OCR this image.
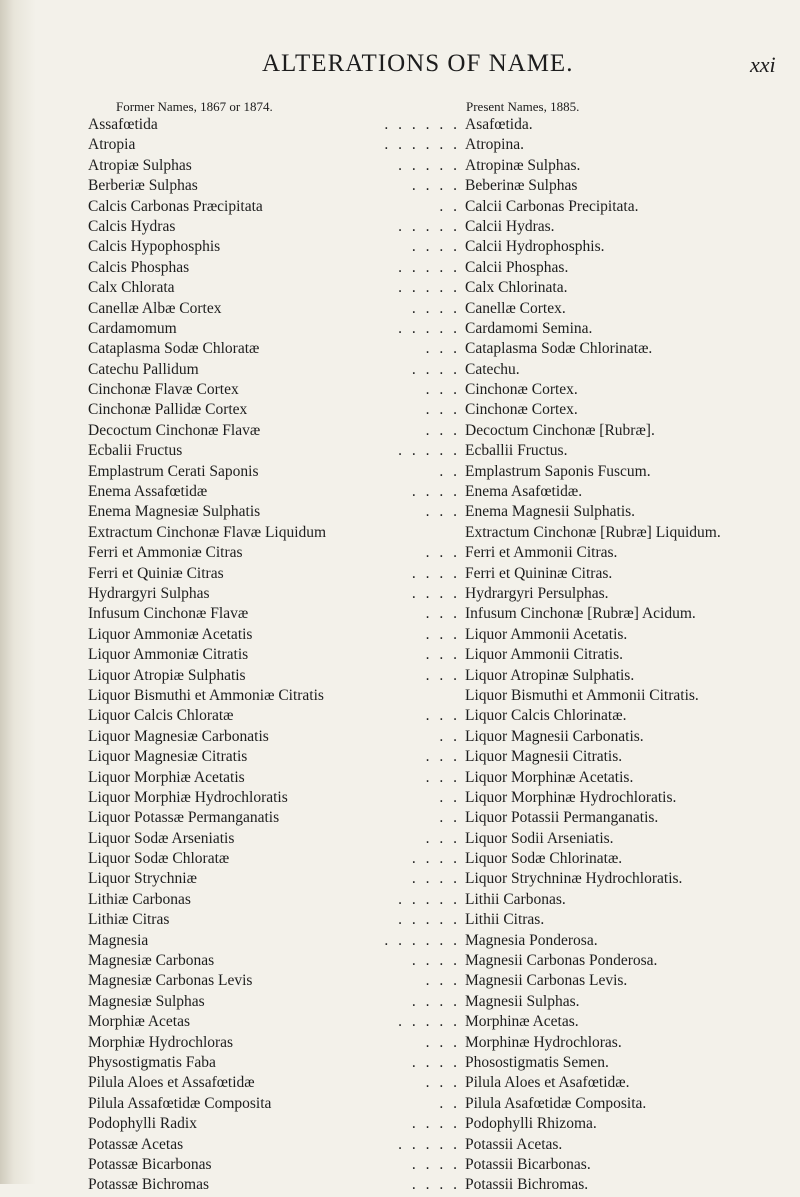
ALTERATIONS OF NAME.	xxi
Former Names, 1867 or 1874.	Present Names, 1885.
Assafœtida	. . . . . . Asafœtida.
Atropia	. . . . . . Atropina.
Atropiæ Sulphas	. . . . . Atropinæ Sulphas.
Berberiæ Sulphas	. . . . Beberinæ Sulphas
Calcis Carbonas Præcipitata	. . Calcii Carbonas Precipitata.
Calcis Hydras	. . . . . Calcii Hydras.
Calcis Hypophosphis	. . . . Calcii Hydrophosphis.
Calcis Phosphas	. . . . . Calcii Phosphas.
Calx Chlorata	. . . . . Calx Chlorinata.
Canellæ Albæ Cortex	. . . . Canellæ Cortex.
Cardamomum	. . . . . Cardamomi Semina.
Cataplasma Sodæ Chloratæ	. . . Cataplasma Sodæ Chlorinatæ.
Catechu Pallidum	. . . . Catechu.
Cinchonæ Flavæ Cortex	. . . Cinchonæ Cortex.
Cinchonæ Pallidæ Cortex	. . . Cinchonæ Cortex.
Decoctum Cinchonæ Flavæ	. . . Decoctum Cinchonæ [Rubræ].
Ecbalii Fructus	. . . . . Ecballii Fructus.
Emplastrum Cerati Saponis	. . Emplastrum Saponis Fuscum.
Enema Assafœtidæ	. . . . Enema Asafœtidæ.
Enema Magnesiæ Sulphatis	. . . Enema Magnesii Sulphatis.
Extractum Cinchonæ Flavæ Liquidum	Extractum Cinchonæ [Rubræ] Liquidum.
Ferri et Ammoniæ Citras	. . . Ferri et Ammonii Citras.
Ferri et Quiniæ Citras	. . . . Ferri et Quininæ Citras.
Hydrargyri Sulphas	. . . . Hydrargyri Persulphas.
Infusum Cinchonæ Flavæ	. . . Infusum Cinchonæ [Rubræ] Acidum.
Liquor Ammoniæ Acetatis	. . . Liquor Ammonii Acetatis.
Liquor Ammoniæ Citratis	. . . Liquor Ammonii Citratis.
Liquor Atropiæ Sulphatis	. . . Liquor Atropinæ Sulphatis.
Liquor Bismuthi et Ammoniæ Citratis	Liquor Bismuthi et Ammonii Citratis.
Liquor Calcis Chloratæ	. . . Liquor Calcis Chlorinatæ.
Liquor Magnesiæ Carbonatis	. . Liquor Magnesii Carbonatis.
Liquor Magnesiæ Citratis	. . . Liquor Magnesii Citratis.
Liquor Morphiæ Acetatis	. . . Liquor Morphinæ Acetatis.
Liquor Morphiæ Hydrochloratis	. . Liquor Morphinæ Hydrochloratis.
Liquor Potassæ Permanganatis	. . Liquor Potassii Permanganatis.
Liquor Sodæ Arseniatis	. . . Liquor Sodii Arseniatis.
Liquor Sodæ Chloratæ	. . . . Liquor Sodæ Chlorinatæ.
Liquor Strychniæ	. . . . Liquor Strychninæ Hydrochloratis.
Lithiæ Carbonas	. . . . . Lithii Carbonas.
Lithiæ Citras	. . . . . Lithii Citras.
Magnesia	. . . . . . Magnesia Ponderosa.
Magnesiæ Carbonas	. . . . Magnesii Carbonas Ponderosa.
Magnesiæ Carbonas Levis	. . . Magnesii Carbonas Levis.
Magnesiæ Sulphas	. . . . Magnesii Sulphas.
Morphiæ Acetas	. . . . . Morphinæ Acetas.
Morphiæ Hydrochloras	. . . Morphinæ Hydrochloras.
Physostigmatis Faba	. . . . Phosostigmatis Semen.
Pilula Aloes et Assafœtidæ	. . . Pilula Aloes et Asafœtidæ.
Pilula Assafœtidæ Composita	. . Pilula Asafœtidæ Composita.
Podophylli Radix	. . . . Podophylli Rhizoma.
Potassæ Acetas	. . . . . Potassii Acetas.
Potassæ Bicarbonas	. . . . Potassii Bicarbonas.
Potassæ Bichromas	. . . . Potassii Bichromas.
